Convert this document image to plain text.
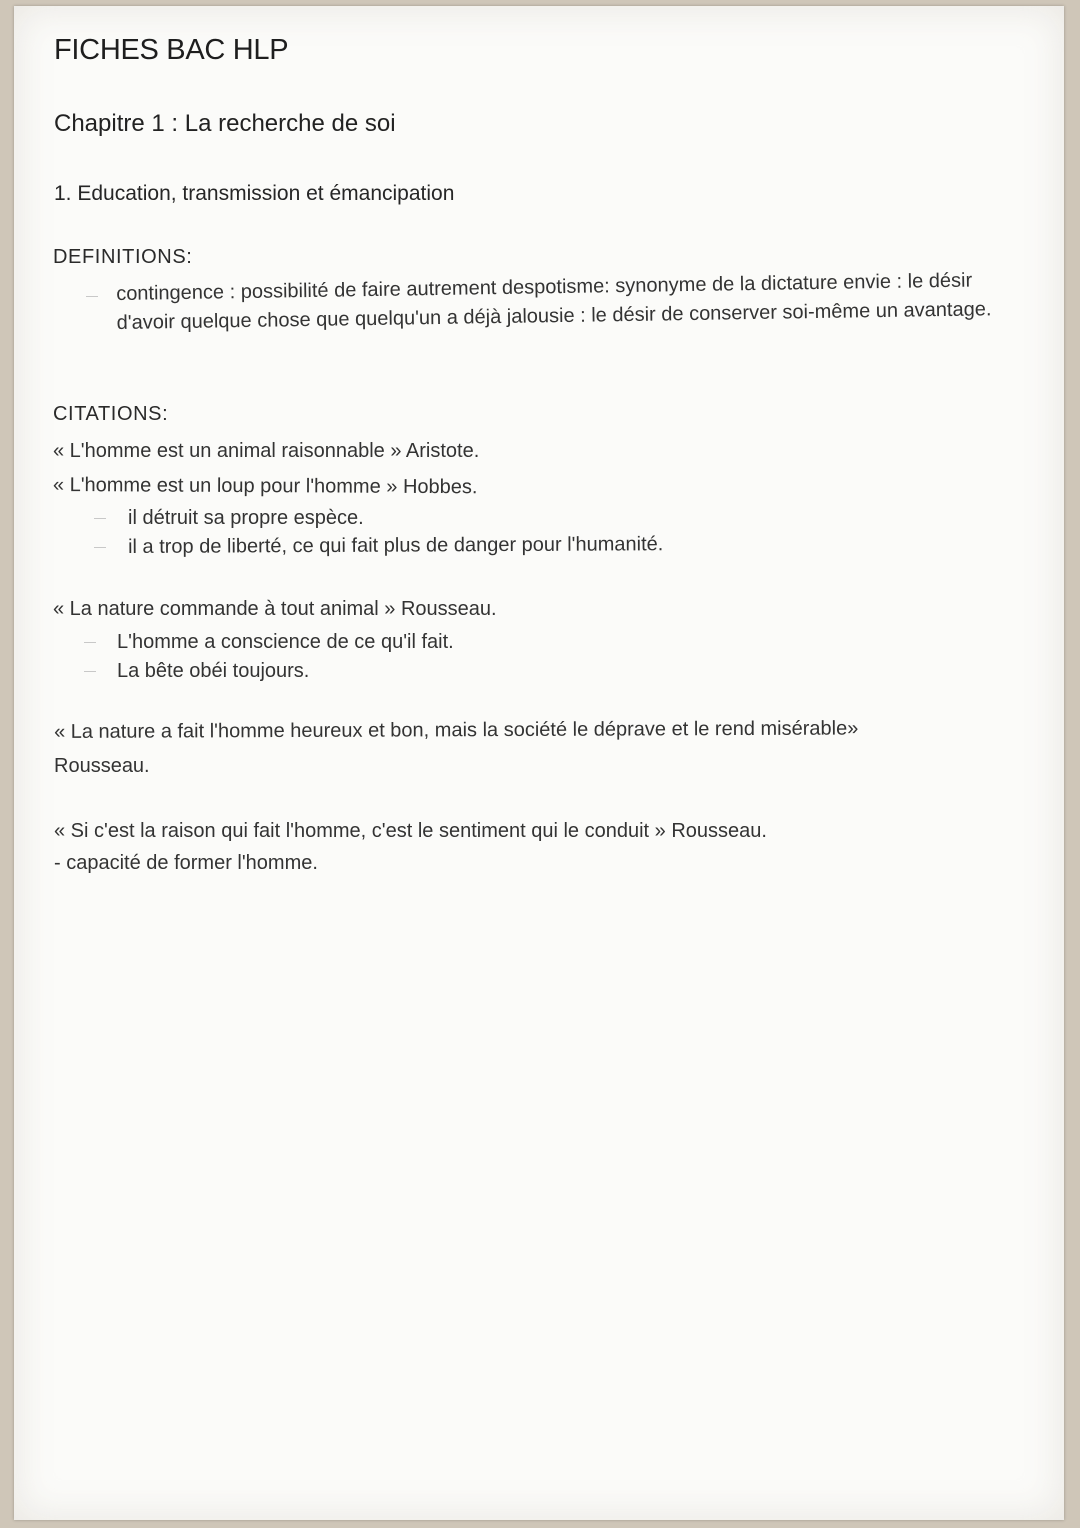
FICHES BAC HLP
Chapitre 1 : La recherche de soi
1. Education, transmission et émancipation
DEFINITIONS:
contingence : possibilité de faire autrement despotisme: synonyme de la dictature envie : le désir d'avoir quelque chose que quelqu'un a déjà jalousie : le désir de conserver soi-même un avantage.
CITATIONS:
« L'homme est un animal raisonnable » Aristote.
« L'homme est un loup pour l'homme » Hobbes.
il détruit sa propre espèce.
il a trop de liberté, ce qui fait plus de danger pour l'humanité.
« La nature commande à tout animal » Rousseau.
L'homme a conscience de ce qu'il fait.
La bête obéi toujours.
« La nature a fait l'homme heureux et bon, mais la société le déprave et le rend misérable»
Rousseau.
« Si c'est la raison qui fait l'homme, c'est le sentiment qui le conduit » Rousseau.
- capacité de former l'homme.
